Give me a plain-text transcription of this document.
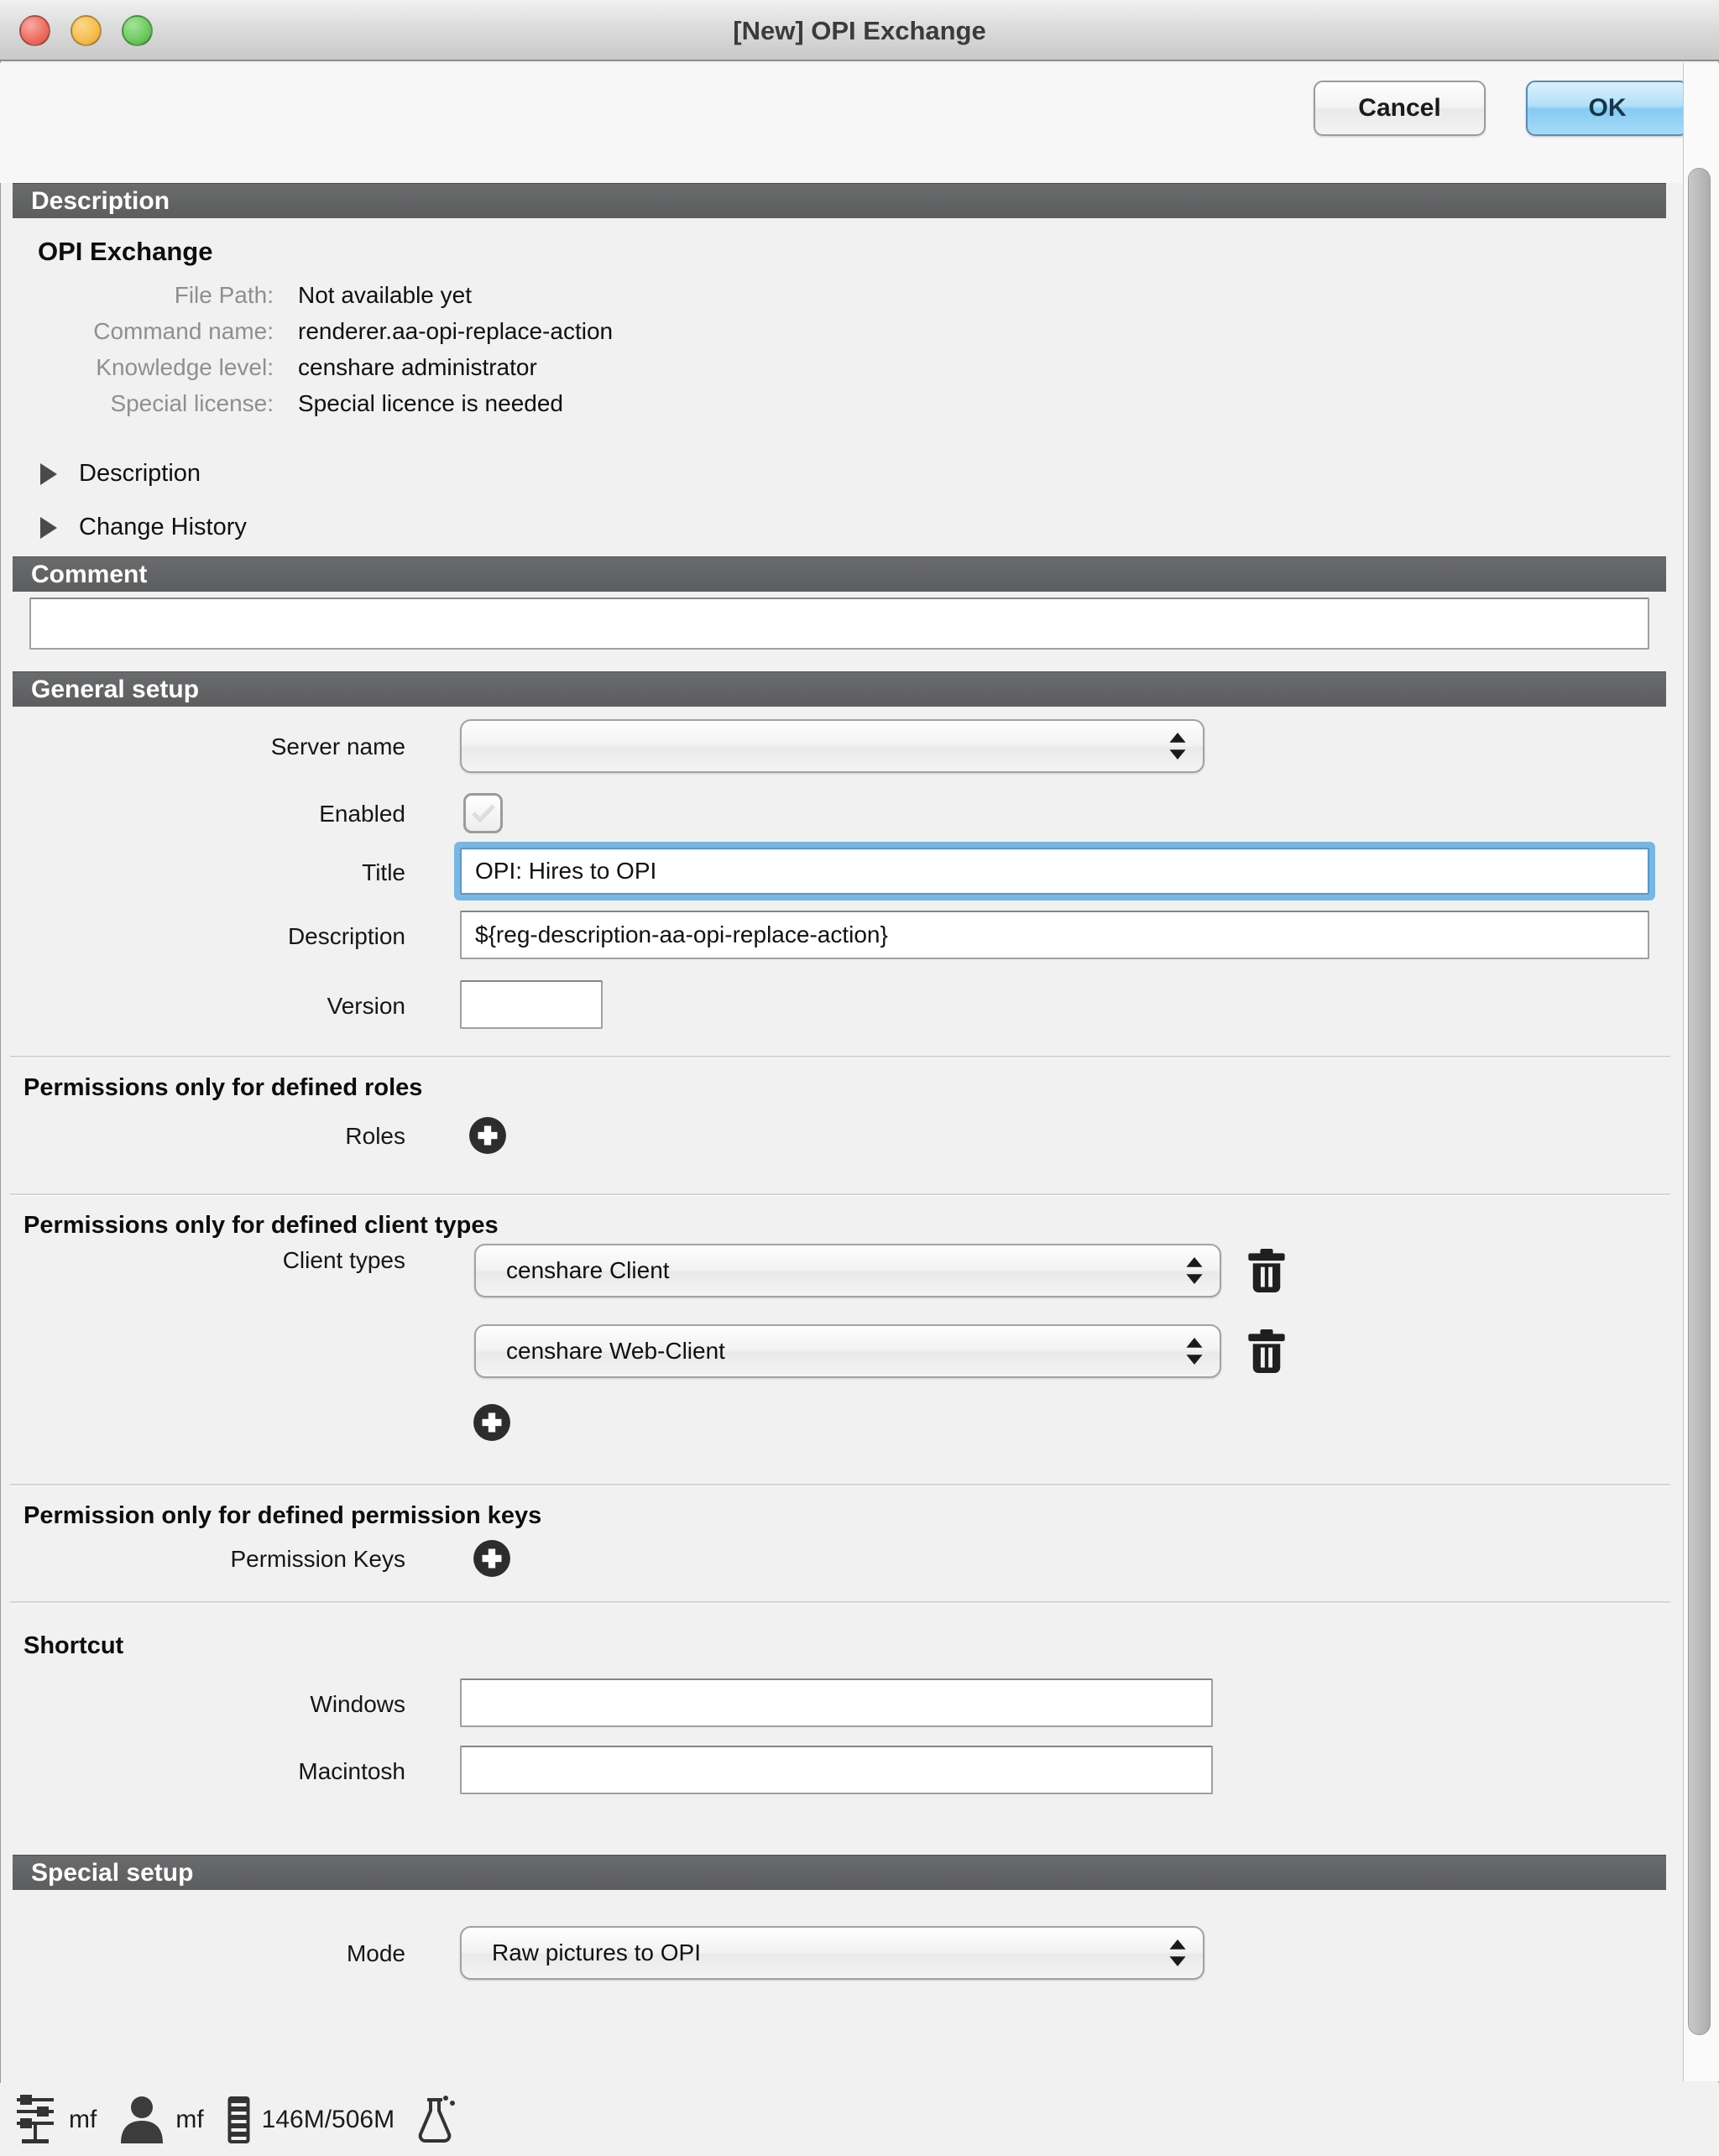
[New] OPI Exchange
Cancel	OK
Description
OPI Exchange
File Path: Not available yet
Command name: renderer.aa-opi-replace-action
Knowledge level: censhare administrator
Special license: Special licence is needed
Description
Change History
Comment
General setup
Server name
Enabled
Title
OPI: Hires to OPI
Description
${reg-description-aa-opi-replace-action}
Version
Permissions only for defined roles
Roles
Permissions only for defined client types
Client types	censhare Client
censhare Web-Client
Permission only for defined permission keys
Permission Keys
Shortcut
Windows
Macintosh
Special setup
Mode	Raw pictures to OPI
mf	mf 146M/506M
